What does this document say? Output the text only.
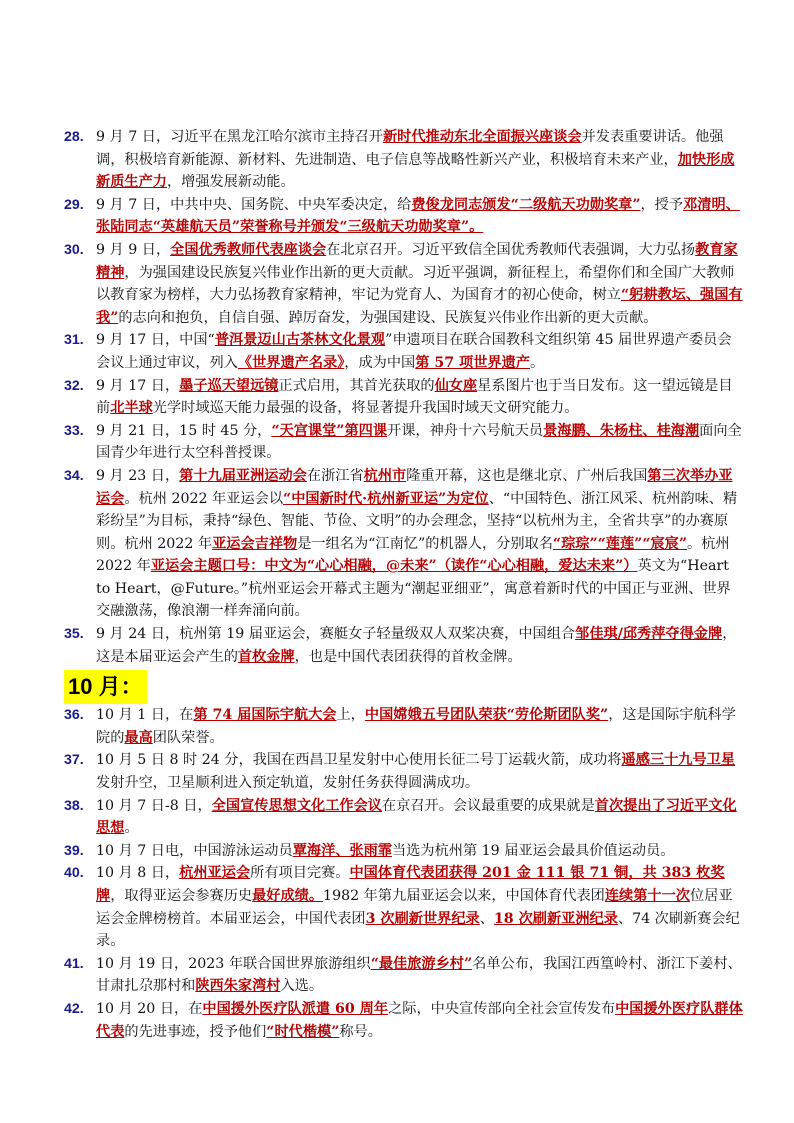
28. 9 月 7 日，习近平在黑龙江哈尔滨市主持召开新时代推动东北全面振兴座谈会并发表重要讲话。他强调，积极培育新能源、新材料、先进制造、电子信息等战略性新兴产业，积极培育未来产业，加快形成新质生产力，增强发展新动能。
29. 9 月 7 日，中共中央、国务院、中央军委决定，给费俊龙同志颁发“二级航天功勋奖章”，授予邓清明、张陆同志“英雄航天员”荣誉称号并颁发“三级航天功勋奖章”。
30. 9 月 9 日，全国优秀教师代表座谈会在北京召开。习近平致信全国优秀教师代表强调，大力弘扬教育家精神，为强国建设民族复兴伟业作出新的更大贡献。习近平强调，新征程上，希望你们和全国广大教师以教育家为榜样，大力弘扬教育家精神，牢记为党育人、为国育才的初心使命，树立“躬耕教坛、强国有我”的志向和抱负，自信自强、踔厉奋发，为强国建设、民族复兴伟业作出新的更大贡献。
31. 9 月 17 日，中国“普洱景迈山古茶林文化景观”申遗项目在联合国教科文组织第 45 届世界遗产委员会会议上通过审议，列入《世界遗产名录》，成为中国第 57 项世界遗产。
32. 9 月 17 日，墨子巡天望远镜正式启用，其首光获取的仙女座星系图片也于当日发布。这一望远镜是目前北半球光学时域巡天能力最强的设备，将显著提升我国时域天文研究能力。
33. 9 月 21 日，15 时 45 分，“天宫课堂”第四课开课，神舟十六号航天员景海鹏、朱杨柱、桂海潮面向全国青少年进行太空科普授课。
34. 9 月 23 日，第十九届亚洲运动会在浙江省杭州市隆重开幕，这也是继北京、广州后我国第三次举办亚运会。杭州 2022 年亚运会以“中国新时代·杭州新亚运”为定位、“中国特色、浙江风采、杭州韵味、精彩纷呈”为目标，秉持“绿色、智能、节俭、文明”的办会理念，坚持“以杭州为主，全省共享”的办赛原则。杭州 2022 年亚运会吉祥物是一组名为“江南忆”的机器人，分别取名“琮琮”“莲莲”“宸宸”。杭州 2022 年亚运会主题口号：中文为“心心相融，@未来”（读作“心心相融，爱达未来”）英文为“Heart to Heart，@Future。”杭州亚运会开幕式主题为“潮起亚细亚”，寓意着新时代的中国正与亚洲、世界交融激荡，像浪潮一样奔涌向前。
35. 9 月 24 日，杭州第 19 届亚运会，赛艇女子轻量级双人双桨决赛，中国组合邹佳琪/邱秀萍夺得金牌，这是本届亚运会产生的首枚金牌，也是中国代表团获得的首枚金牌。
10 月：
36. 10 月 1 日，在第 74 届国际宇航大会上，中国嫦娥五号团队荣获“劳伦斯团队奖”，这是国际宇航科学院的最高团队荣誉。
37. 10 月 5 日 8 时 24 分，我国在西昌卫星发射中心使用长征二号丁运载火箭，成功将遥感三十九号卫星发射升空，卫星顺利进入预定轨道，发射任务获得圆满成功。
38. 10 月 7 日-8 日，全国宣传思想文化工作会议在京召开。会议最重要的成果就是首次提出了习近平文化思想。
39. 10 月 7 日电，中国游泳运动员覃海洋、张雨霏当选为杭州第 19 届亚运会最具价值运动员。
40. 10 月 8 日，杭州亚运会所有项目完赛。中国体育代表团获得 201 金 111 银 71 铜，共 383 枚奖牌，取得亚运会参赛历史最好成绩。1982 年第九届亚运会以来，中国体育代表团连续第十一次位居亚运会金牌榜榜首。本届亚运会，中国代表团3 次刷新世界纪录、18 次刷新亚洲纪录、74 次刷新赛会纪录。
41. 10 月 19 日，2023 年联合国世界旅游组织“最佳旅游乡村”名单公布，我国江西篁岭村、浙江下姜村、甘肃扎尕那村和陕西朱家湾村入选。
42. 10 月 20 日，在中国援外医疗队派遣 60 周年之际，中央宣传部向全社会宣传发布中国援外医疗队群体代表的先进事迹，授予他们“时代楷模”称号。
